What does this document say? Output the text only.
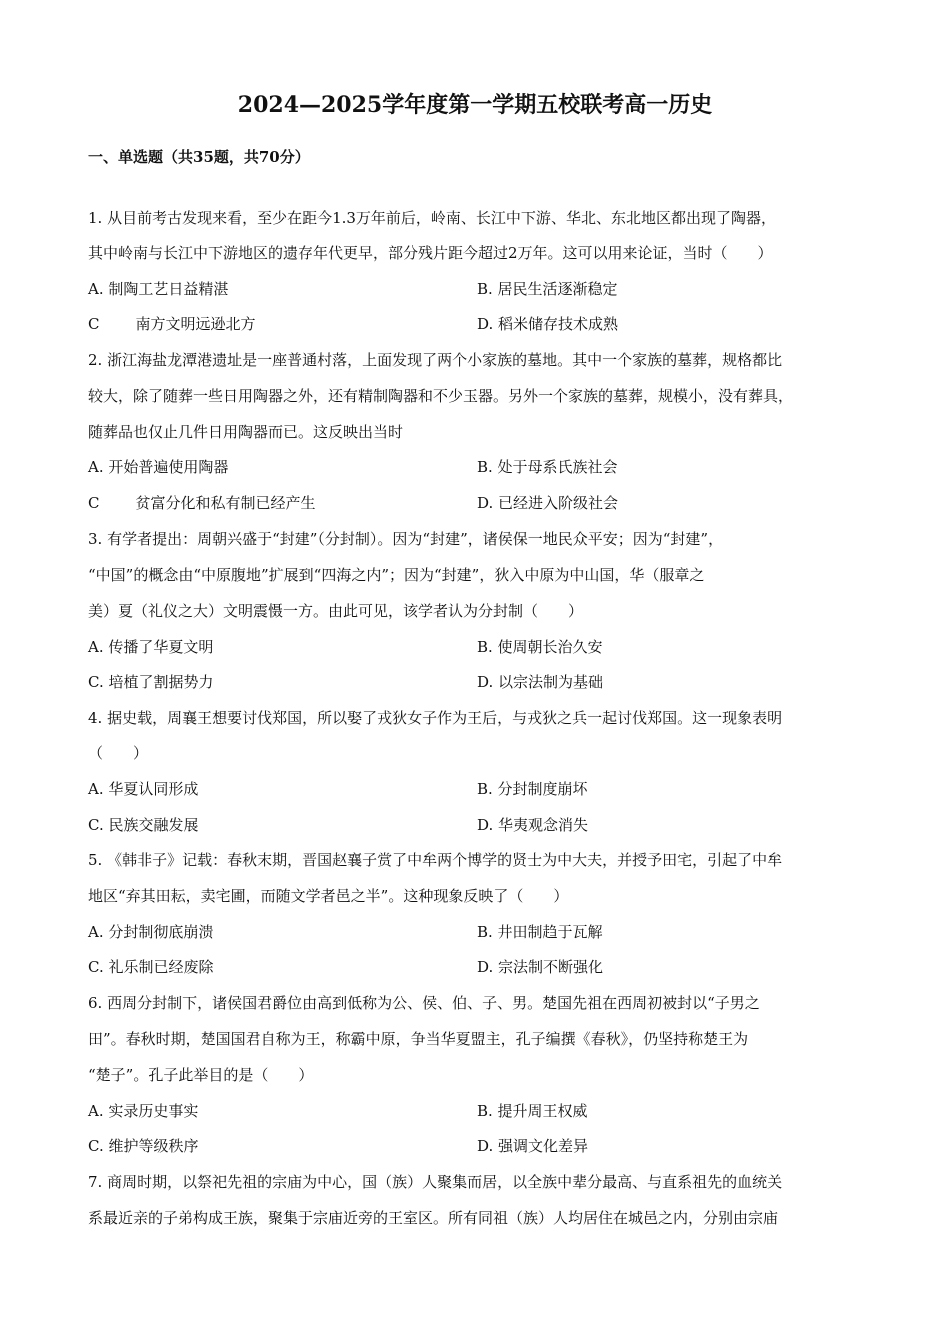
2024—2025学年度第一学期五校联考高一历史
一、单选题（共35题，共70分）
1. 从目前考古发现来看，至少在距今1.3万年前后，岭南、长江中下游、华北、东北地区都出现了陶器，
其中岭南与长江中下游地区的遗存年代更早，部分残片距今超过2万年。这可以用来论证，当时（　　）
A. 制陶工艺日益精湛	B. 居民生活逐渐稳定
C 南方文明远逊北方	D. 稻米储存技术成熟
2. 浙江海盐龙潭港遗址是一座普通村落，上面发现了两个小家族的墓地。其中一个家族的墓葬，规格都比
较大，除了随葬一些日用陶器之外，还有精制陶器和不少玉器。另外一个家族的墓葬，规模小，没有葬具，
随葬品也仅止几件日用陶器而已。这反映出当时
A. 开始普遍使用陶器	B. 处于母系氏族社会
C 贫富分化和私有制已经产生	D. 已经进入阶级社会
3. 有学者提出：周朝兴盛于“封建”（分封制）。因为“封建”，诸侯保一地民众平安；因为“封建”，
“中国”的概念由“中原腹地”扩展到“四海之内”；因为“封建”，狄入中原为中山国，华（服章之
美）夏（礼仪之大）文明震慑一方。由此可见，该学者认为分封制（　　）
A. 传播了华夏文明	B. 使周朝长治久安
C. 培植了割据势力	D. 以宗法制为基础
4. 据史载，周襄王想要讨伐郑国，所以娶了戎狄女子作为王后，与戎狄之兵一起讨伐郑国。这一现象表明
（　　）
A. 华夏认同形成	B. 分封制度崩坏
C. 民族交融发展	D. 华夷观念消失
5. 《韩非子》记载：春秋末期，晋国赵襄子赏了中牟两个博学的贤士为中大夫，并授予田宅，引起了中牟
地区“弃其田耘，卖宅圃，而随文学者邑之半”。这种现象反映了（　　）
A. 分封制彻底崩溃	B. 井田制趋于瓦解
C. 礼乐制已经废除	D. 宗法制不断强化
6. 西周分封制下，诸侯国君爵位由高到低称为公、侯、伯、子、男。楚国先祖在西周初被封以“子男之
田”。春秋时期，楚国国君自称为王，称霸中原，争当华夏盟主，孔子编撰《春秋》，仍坚持称楚王为
“楚子”。孔子此举目的是（　　）
A. 实录历史事实	B. 提升周王权威
C. 维护等级秩序	D. 强调文化差异
7. 商周时期，以祭祀先祖的宗庙为中心，国（族）人聚集而居，以全族中辈分最高、与直系祖先的血统关
系最近亲的子弟构成王族，聚集于宗庙近旁的王室区。所有同祖（族）人均居住在城邑之内，分别由宗庙
